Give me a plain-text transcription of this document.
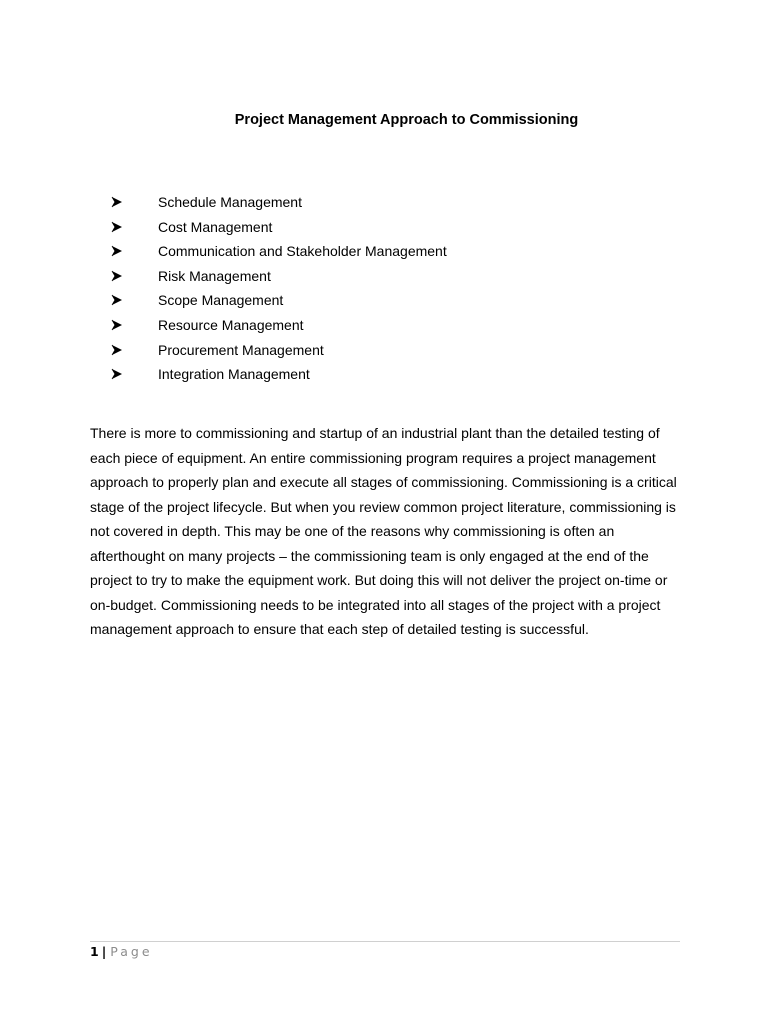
Project Management Approach to Commissioning
Schedule Management
Cost Management
Communication and Stakeholder Management
Risk Management
Scope Management
Resource Management
Procurement Management
Integration Management

There is more to commissioning and startup of an industrial plant than the detailed testing of
each piece of equipment. An entire commissioning program requires a project management
approach to properly plan and execute all stages of commissioning. Commissioning is a critical
stage of the project lifecycle. But when you review common project literature, commissioning is
not covered in depth. This may be one of the reasons why commissioning is often an
afterthought on many projects – the commissioning team is only engaged at the end of the
project to try to make the equipment work. But doing this will not deliver the project on-time or
on-budget. Commissioning needs to be integrated into all stages of the project with a project
management approach to ensure that each step of detailed testing is successful.

1 | Page
